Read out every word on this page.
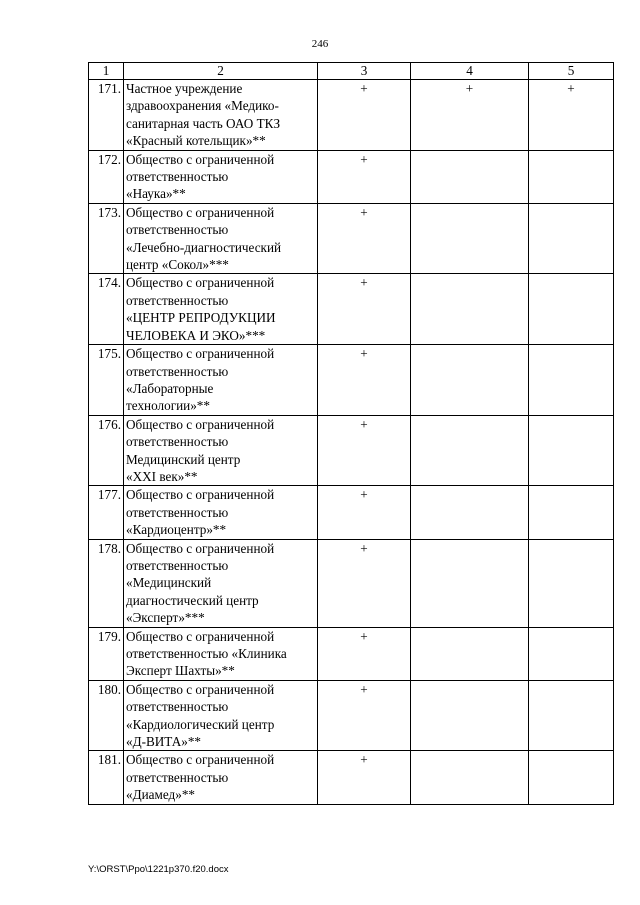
246
1	2	3	4	5
171.	Частное учреждение
здравоохранения «Медико-
санитарная часть ОАО ТКЗ
«Красный котельщик»**	+	+	+
172.	Общество с ограниченной
ответственностью
«Наука»**	+		
173.	Общество с ограниченной
ответственностью
«Лечебно-диагностический
центр «Сокол»***	+		
174.	Общество с ограниченной
ответственностью
«ЦЕНТР РЕПРОДУКЦИИ
ЧЕЛОВЕКА И ЭКО»***	+		
175.	Общество с ограниченной
ответственностью
«Лабораторные
технологии»**	+		
176.	Общество с ограниченной
ответственностью
Медицинский центр
«XXI век»**	+		
177.	Общество с ограниченной
ответственностью
«Кардиоцентр»**	+		
178.	Общество с ограниченной
ответственностью
«Медицинский
диагностический центр
«Эксперт»***	+		
179.	Общество с ограниченной
ответственностью «Клиника
Эксперт Шахты»**	+		
180.	Общество с ограниченной
ответственностью
«Кардиологический центр
«Д-ВИТА»**	+		
181.	Общество с ограниченной
ответственностью
«Диамед»**	+		
Y:\ORST\Ppo\1221p370.f20.docx
